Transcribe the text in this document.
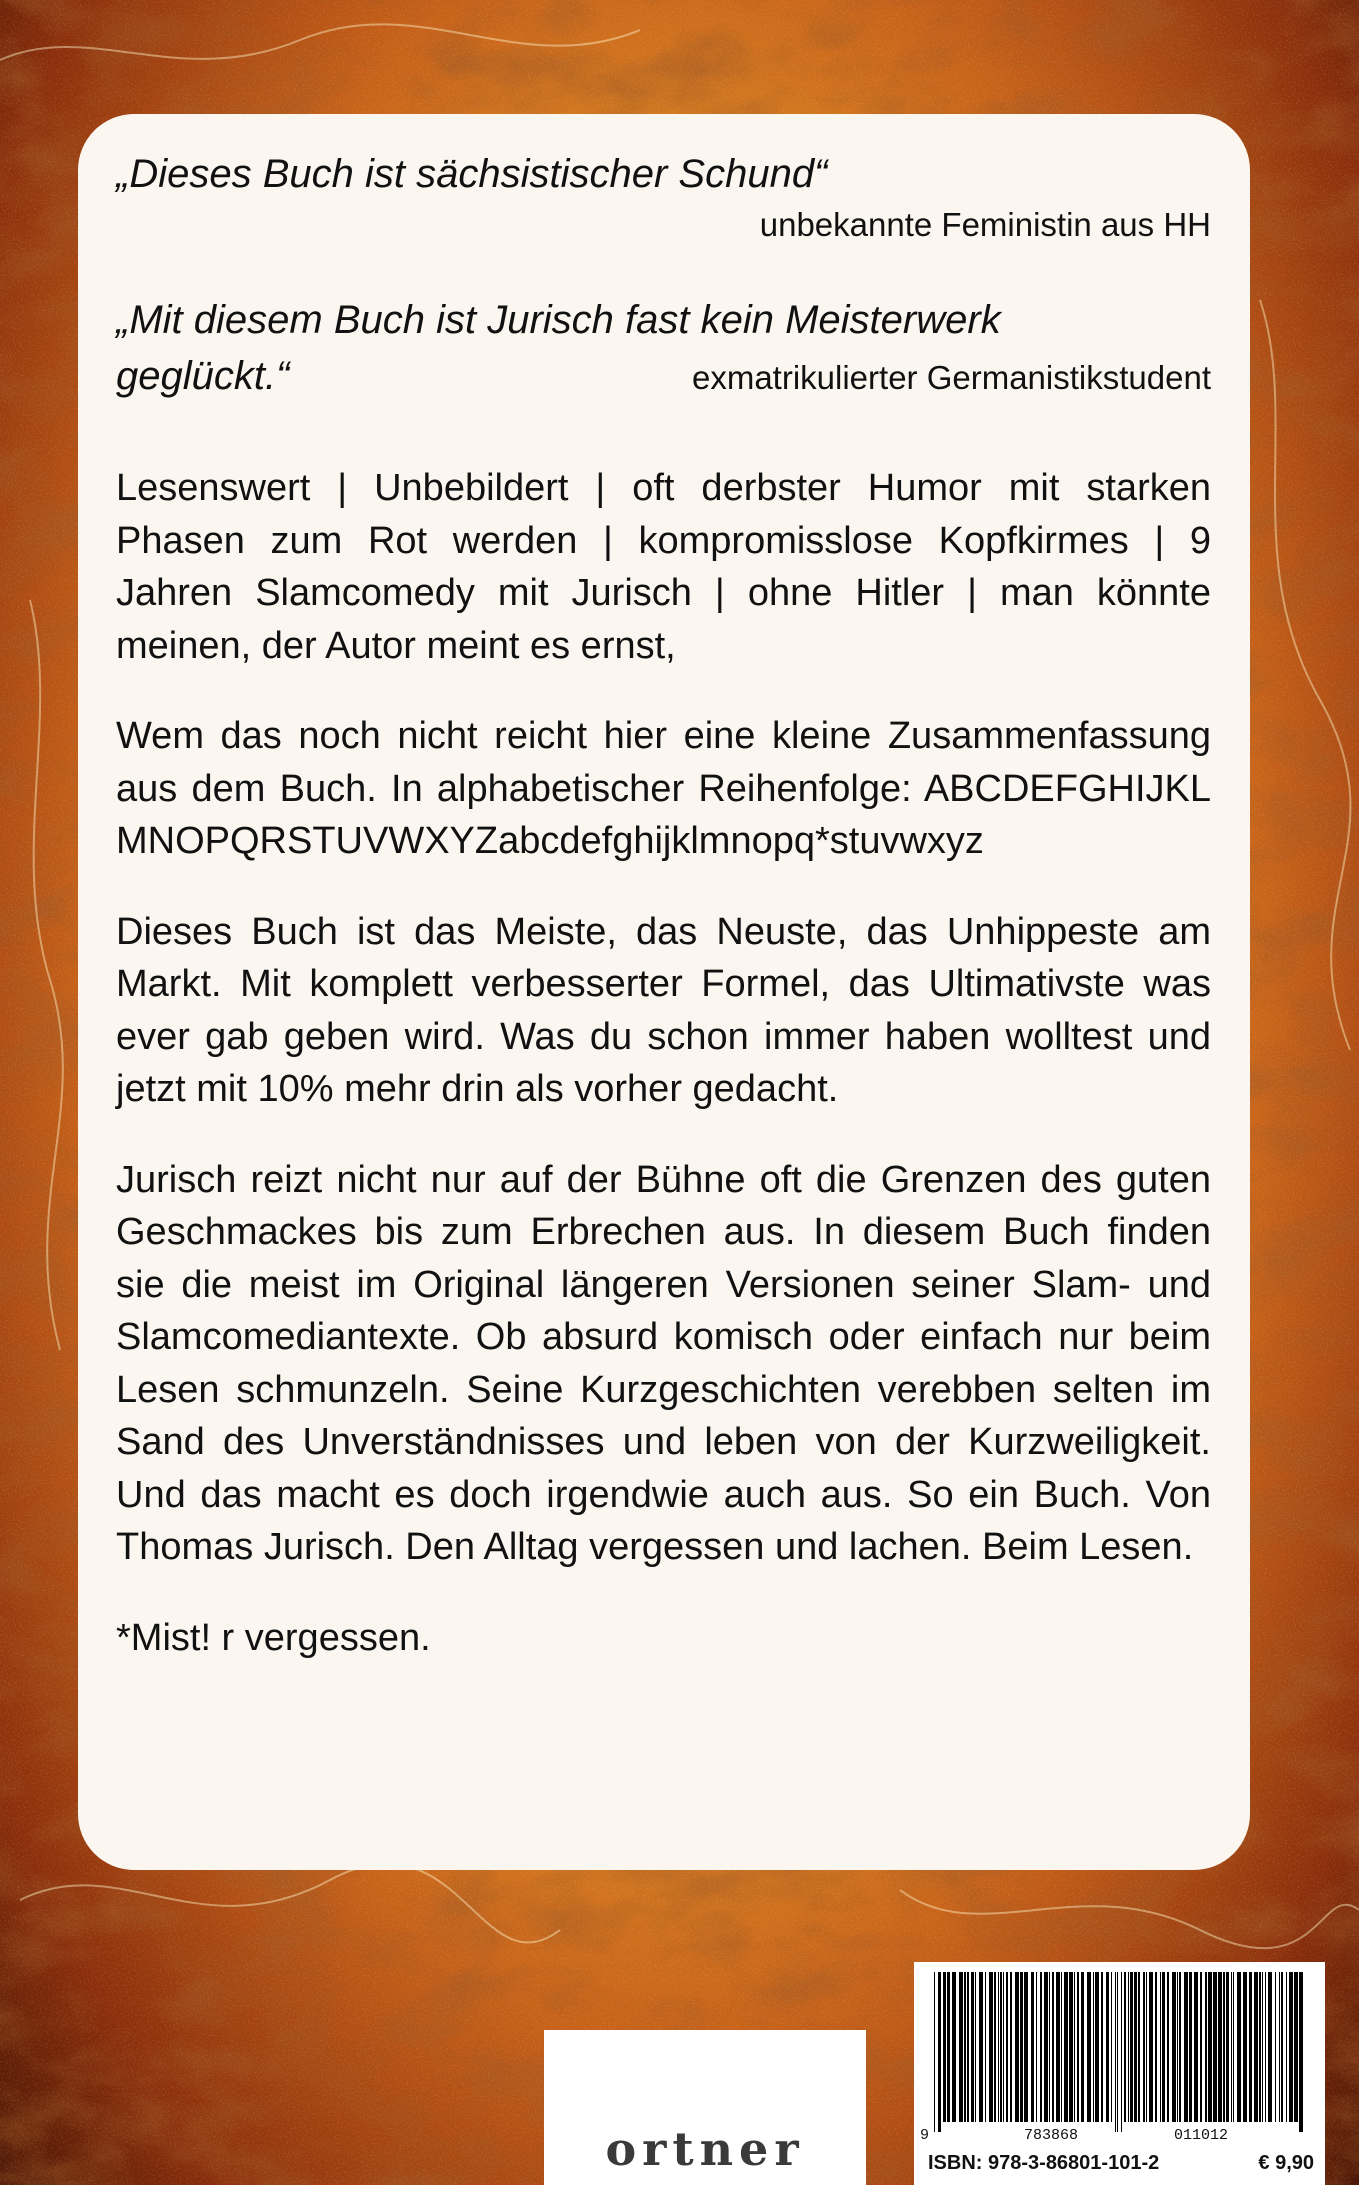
„Dieses Buch ist sächsistischer Schund“

unbekannte Feministin aus HH

„Mit diesem Buch ist Jurisch fast kein Meisterwerk

geglückt.“	exmatrikulierter Germanistikstudent

Lesenswert | Unbebildert | oft derbster Humor mit starken Phasen zum Rot werden | kompromisslose Kopfkirmes | 9 Jahren Slamcomedy mit Jurisch | ohne Hitler | man könnte meinen, der Autor meint es ernst,

Wem das noch nicht reicht hier eine kleine Zusammenfassung aus dem Buch. In alphabetischer Reihenfolge: ABCDEFGHIJKLMNOPQRSTUVWXYZabcdefghijklmnopq*stuvwxyz

Dieses Buch ist das Meiste, das Neuste, das Unhippeste am Markt. Mit komplett verbesserter Formel, das Ultimativste was ever gab geben wird. Was du schon immer haben wolltest und jetzt mit 10% mehr drin als vorher gedacht.

Jurisch reizt nicht nur auf der Bühne oft die Grenzen des guten Geschmackes bis zum Erbrechen aus. In diesem Buch finden sie die meist im Original längeren Versionen seiner Slam- und Slamcomediantexte. Ob absurd komisch oder einfach nur beim Lesen schmunzeln. Seine Kurzgeschichten verebben selten im Sand des Unverständnisses und leben von der Kurzweiligkeit. Und das macht es doch irgendwie auch aus. So ein Buch. Von Thomas Jurisch. Den Alltag vergessen und lachen. Beim Lesen.

*Mist! r vergessen.

ortner	9	783868	011012
ISBN: 978-3-86801-101-2	€ 9,90
